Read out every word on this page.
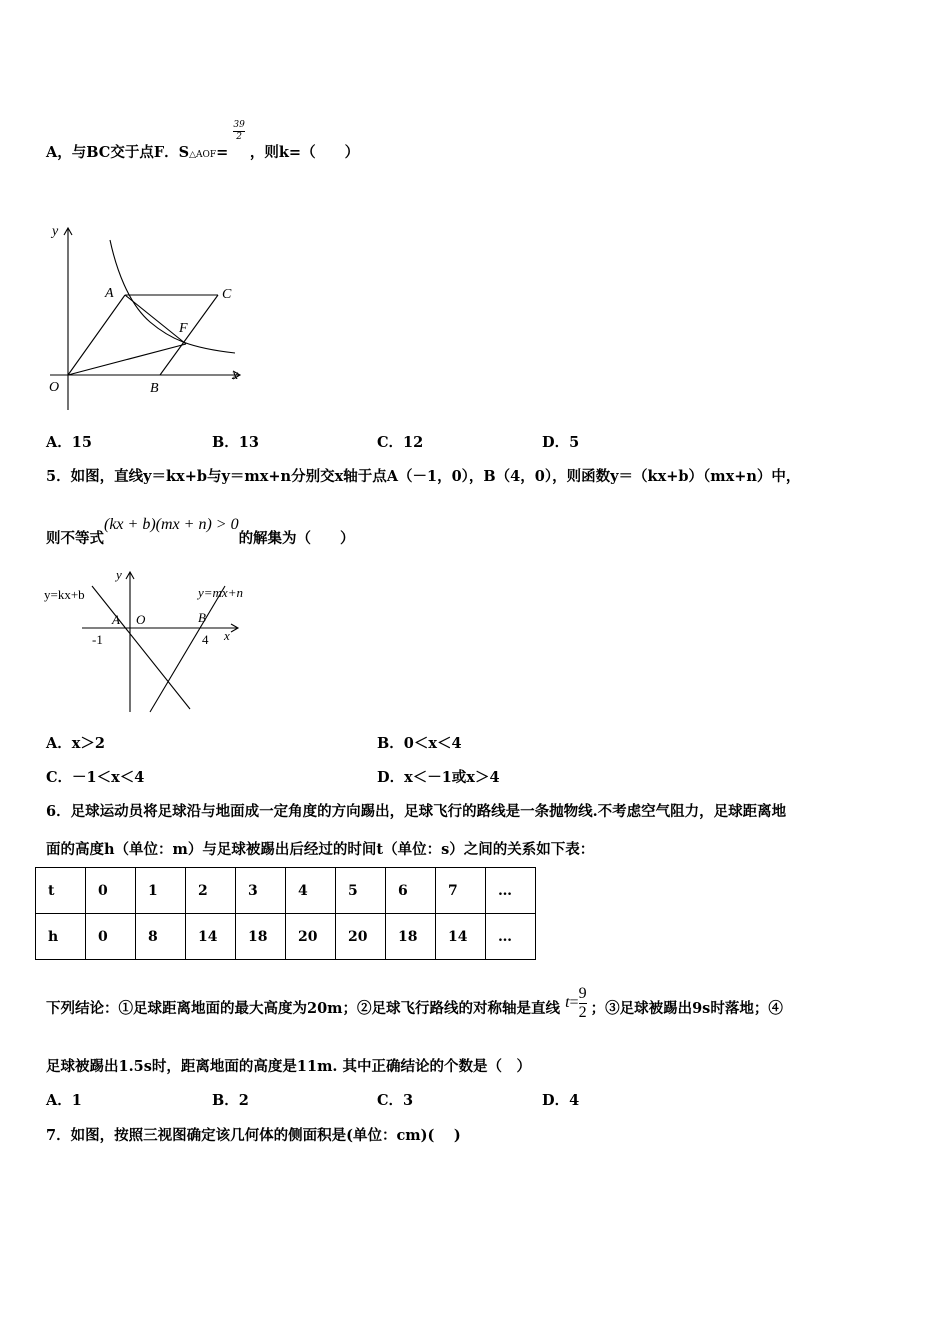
A，与BC交于点F．S△AOF=
$\frac{39}{2}$
，则k=（　　）
y
x
O
A	C
F
B
A．15	B．13	C．12	D．5
5．如图，直线y＝kx+b与y＝mx+n分别交x轴于点A（－1，0），B（4，0），则函数y＝（kx+b）（mx+n）中，
则不等式(kx + b)(mx + n) > 0的解集为（　　）
y=kx+b	y=mx+n
y
x
A O	B
-1	4
A．x＞2	B．0＜x＜4
C．－1＜x＜4	D．x＜－1或x＞4
6．足球运动员将足球沿与地面成一定角度的方向踢出，足球飞行的路线是一条抛物线.不考虑空气阻力，足球距离地
面的高度h（单位：m）与足球被踢出后经过的时间t（单位：s）之间的关系如下表：
t	0	1	2	3	4	5	6	7	…
h	0	8	14	18	20	20	18	14	…
下列结论：①足球距离地面的最大高度为20m；②足球飞行路线的对称轴是直线 $t= \frac{9}{2}$ ；③足球被踢出9s时落地；④
足球被踢出1.5s时，距离地面的高度是11m. 其中正确结论的个数是（　）
A．1	B．2	C．3	D．4
7．如图，按照三视图确定该几何体的侧面积是(单位：cm)(　 )
